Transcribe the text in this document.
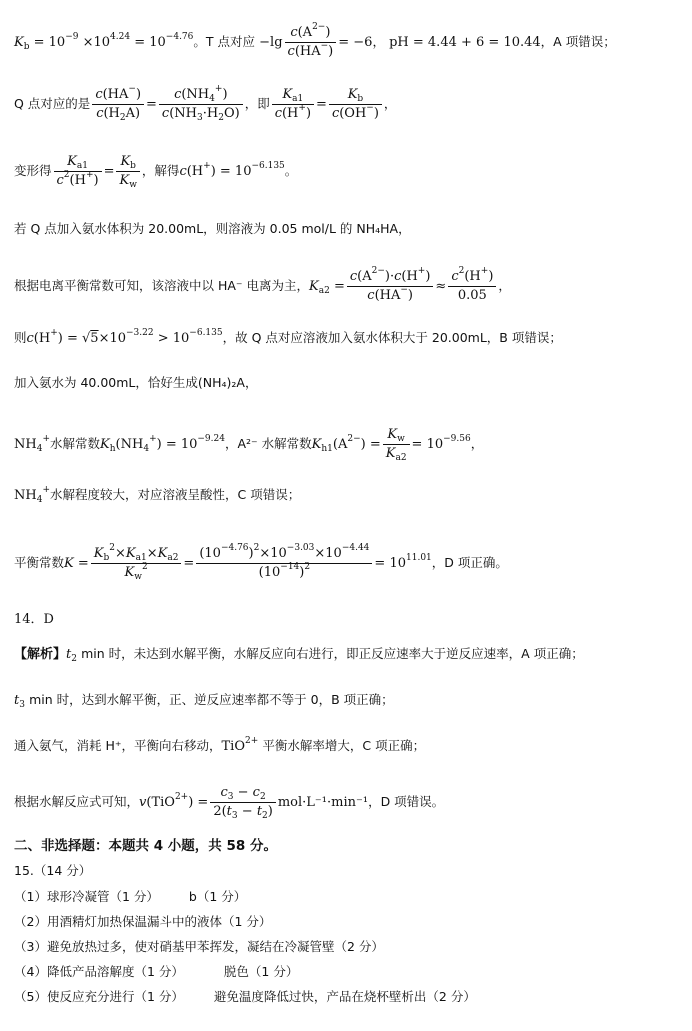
$K_b = 10^{-9} \times 10^{4.24} = 10^{-4.76}$。T 点对应 $-\lg \frac{c(A^{2-})}{c(HA^-)} = -6$， pH = 4.44 + 6 = 10.44，A 项错误；
Q 点对应的是 $\frac{c(HA^-)}{c(H_2A)} = \frac{c(NH_4^+)}{c(NH_3\cdot H_2O)}$ ，即 $\frac{K_{a1}}{c(H^+)} = \frac{K_b}{c(OH^-)}$ ，
变形得 $\frac{K_{a1}}{c^2(H^+)} = \frac{K_b}{K_w}$ ，解得$c(H^+) = 10^{-6.135}$。
若 Q 点加入氨水体积为 20.00mL，则溶液为 0.05 mol/L 的 NH₄HA，
根据电离平衡常数可知，该溶液中以 HA⁻ 电离为主，$K_{a2} = \frac{c(A^{2-})\cdot c(H^+)}{c(HA^-)} \approx \frac{c^2(H^+)}{0.05}$ ，
则$c(H^+) = √5\times 10^{-3.22} > 10^{-6.135}$，故 Q 点对应溶液加入氨水体积大于 20.00mL，B 项错误；
加入氨水为 40.00mL，恰好生成(NH₄)₂A，
$NH_4^+$水解常数$K_h(NH_4^+) = 10^{-9.24}$，A²⁻ 水解常数$K_{h1}(A^{2-}) = \frac{K_w}{K_{a2}} = 10^{-9.56}$，
$NH_4^+$水解程度较大，对应溶液呈酸性，C 项错误；
平衡常数$K = \frac{K_b^2\times K_{a1}\times K_{a2}}{K_w^2} = \frac{(10^{-4.76})^2\times 10^{-3.03}\times 10^{-4.44}}{(10^{-14})^2} = 10^{11.01}$，D 项正确。
14．D
【解析】$t_2$ min 时，未达到水解平衡，水解反应向右进行，即正反应速率大于逆反应速率，A 项正确；
$t_3$ min 时，达到水解平衡，正、逆反应速率都不等于 0，B 项正确；
通入氨气，消耗 H⁺，平衡向右移动，TiO$^{2+}$ 平衡水解率增大，C 项正确；
根据水解反应式可知，$v(TiO^{2+}) = \frac{c_3 - c_2}{2(t_3 - t_2)} mol\cdot L^{-1}\cdot\min^{-1}$，D 项错误。
二、非选择题：本题共 4 小题，共 58 分。
15.（14 分）
（1）球形冷凝管（1 分） b（1 分）
（2）用酒精灯加热保温漏斗中的液体（1 分）
（3）避免放热过多，使对硝基甲苯挥发，凝结在冷凝管壁（2 分）
（4）降低产品溶解度（1 分）	脱色（1 分）
（5）使反应充分进行（1 分） 避免温度降低过快，产品在烧杯壁析出（2 分）
